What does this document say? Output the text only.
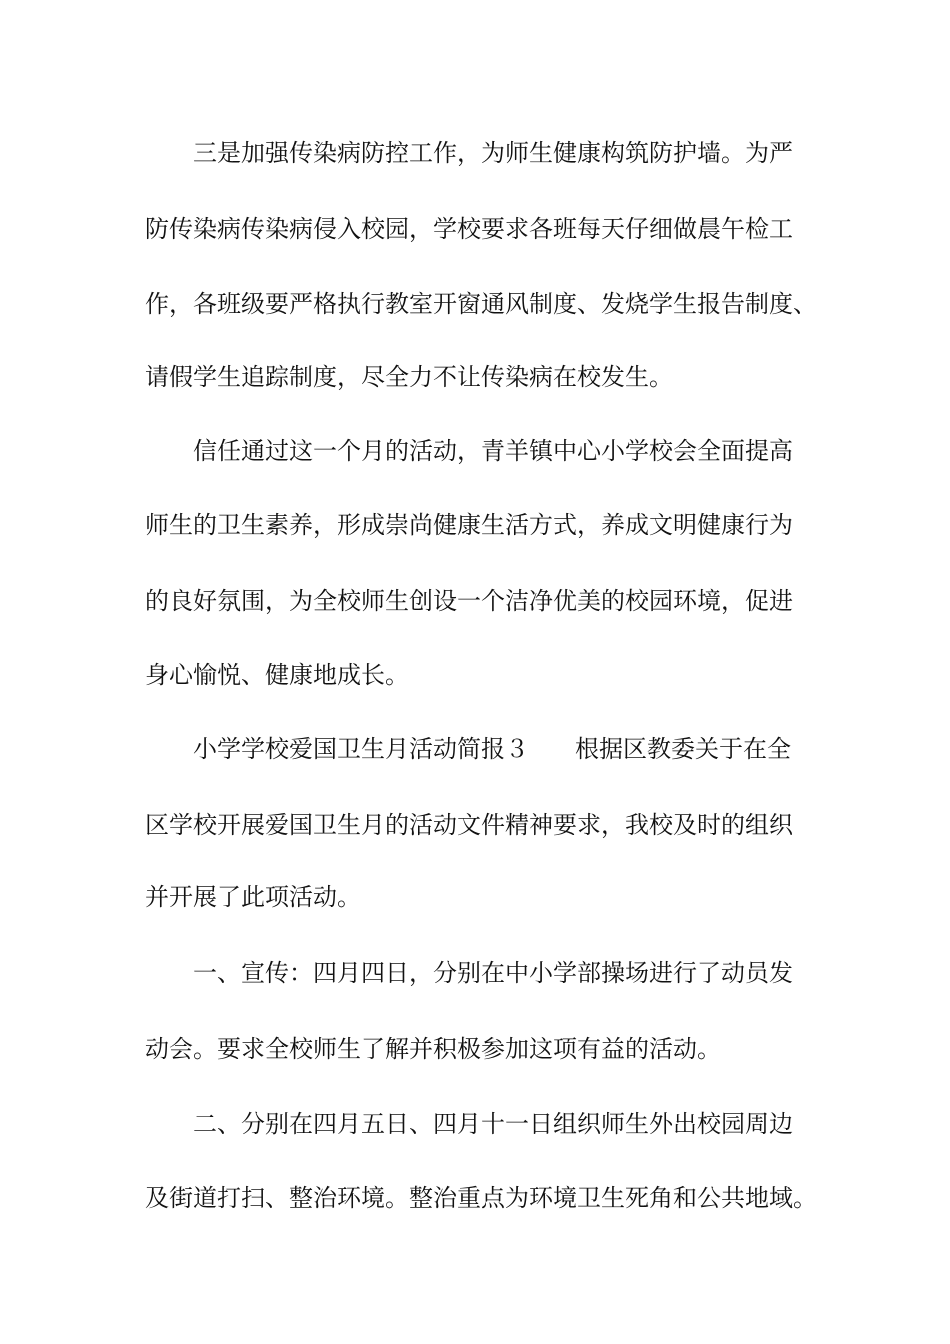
三是加强传染病防控工作，为师生健康构筑防护墙。为严
防传染病传染病侵入校园，学校要求各班每天仔细做晨午检工
作，各班级要严格执行教室开窗通风制度、发烧学生报告制度、
请假学生追踪制度，尽全力不让传染病在校发生。
信任通过这一个月的活动，青羊镇中心小学校会全面提高
师生的卫生素养，形成崇尚健康生活方式，养成文明健康行为
的良好氛围，为全校师生创设一个洁净优美的校园环境，促进
身心愉悦、健康地成长。
小学学校爱国卫生月活动简报３ 根据区教委关于在全
区学校开展爱国卫生月的活动文件精神要求，我校及时的组织
并开展了此项活动。
一、宣传：四月四日，分别在中小学部操场进行了动员发
动会。要求全校师生了解并积极参加这项有益的活动。
二、分别在四月五日、四月十一日组织师生外出校园周边
及街道打扫、整治环境。整治重点为环境卫生死角和公共地域。
